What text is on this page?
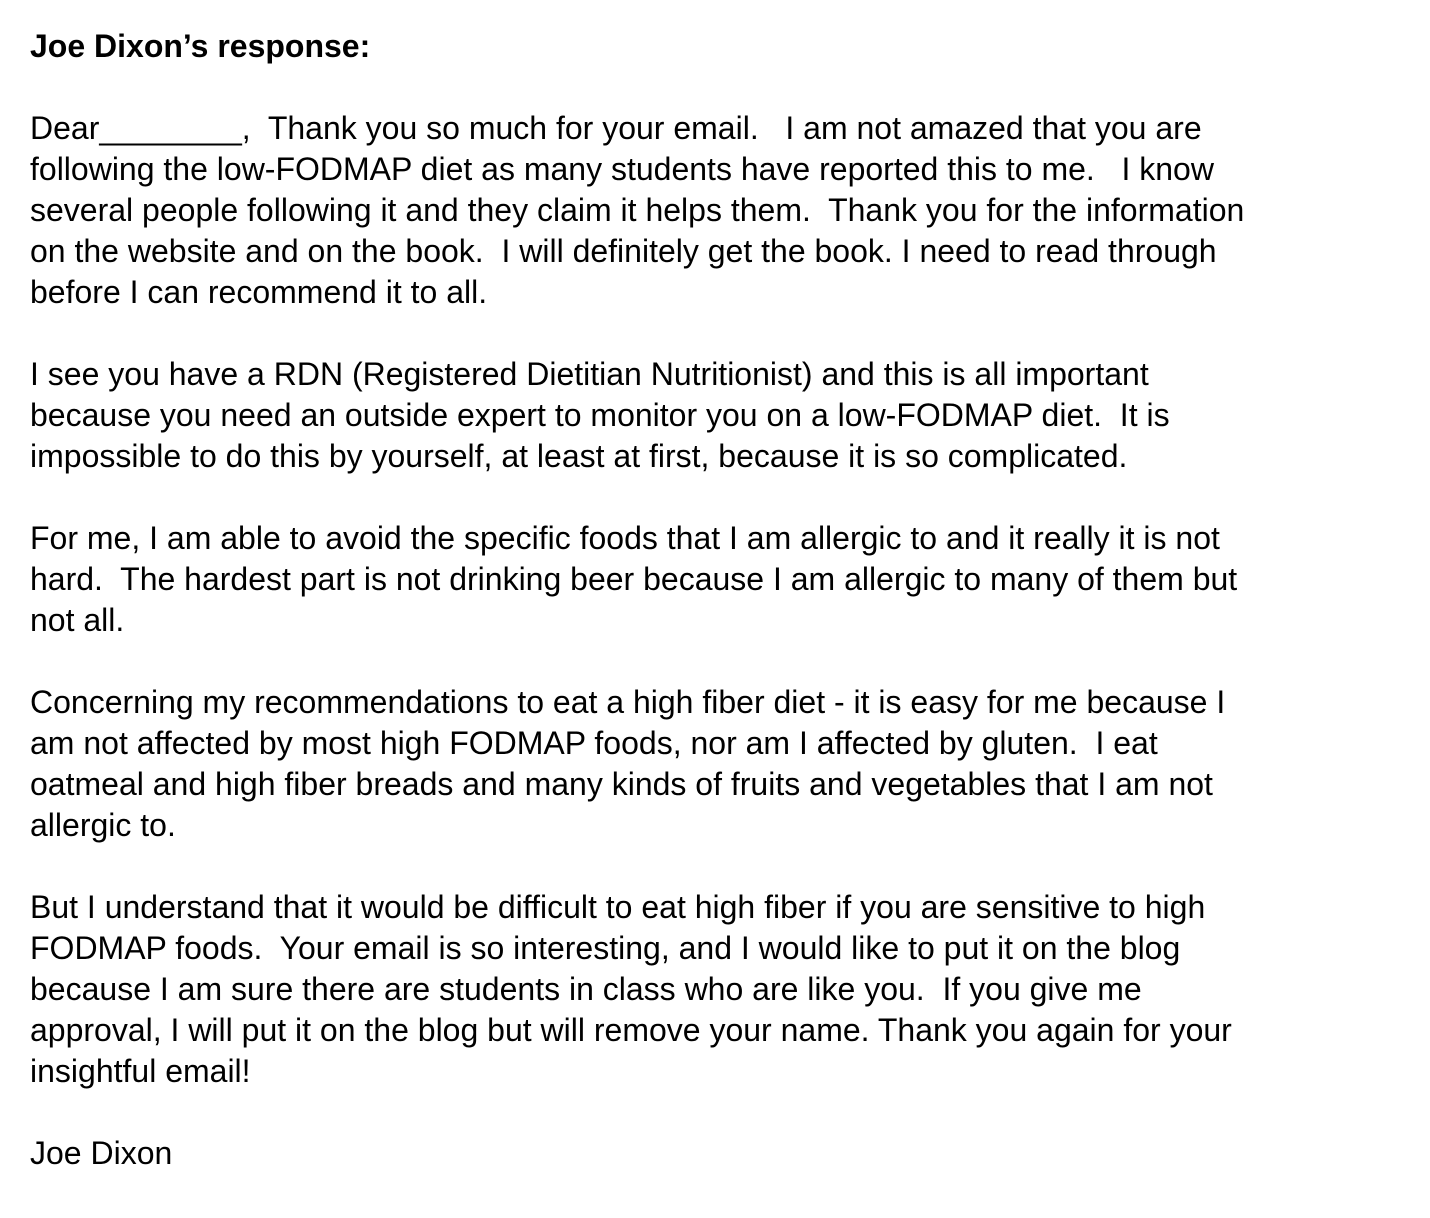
Joe Dixon’s response:
Dear________,  Thank you so much for your email.   I am not amazed that you are
following the low-FODMAP diet as many students have reported this to me.   I know
several people following it and they claim it helps them.  Thank you for the information
on the website and on the book.  I will definitely get the book. I need to read through
before I can recommend it to all.
I see you have a RDN (Registered Dietitian Nutritionist) and this is all important
because you need an outside expert to monitor you on a low-FODMAP diet.  It is
impossible to do this by yourself, at least at first, because it is so complicated.
For me, I am able to avoid the specific foods that I am allergic to and it really it is not
hard.  The hardest part is not drinking beer because I am allergic to many of them but
not all.
Concerning my recommendations to eat a high fiber diet - it is easy for me because I
am not affected by most high FODMAP foods, nor am I affected by gluten.  I eat
oatmeal and high fiber breads and many kinds of fruits and vegetables that I am not
allergic to.
But I understand that it would be difficult to eat high fiber if you are sensitive to high
FODMAP foods.  Your email is so interesting, and I would like to put it on the blog
because I am sure there are students in class who are like you.  If you give me
approval, I will put it on the blog but will remove your name. Thank you again for your
insightful email!
Joe Dixon
